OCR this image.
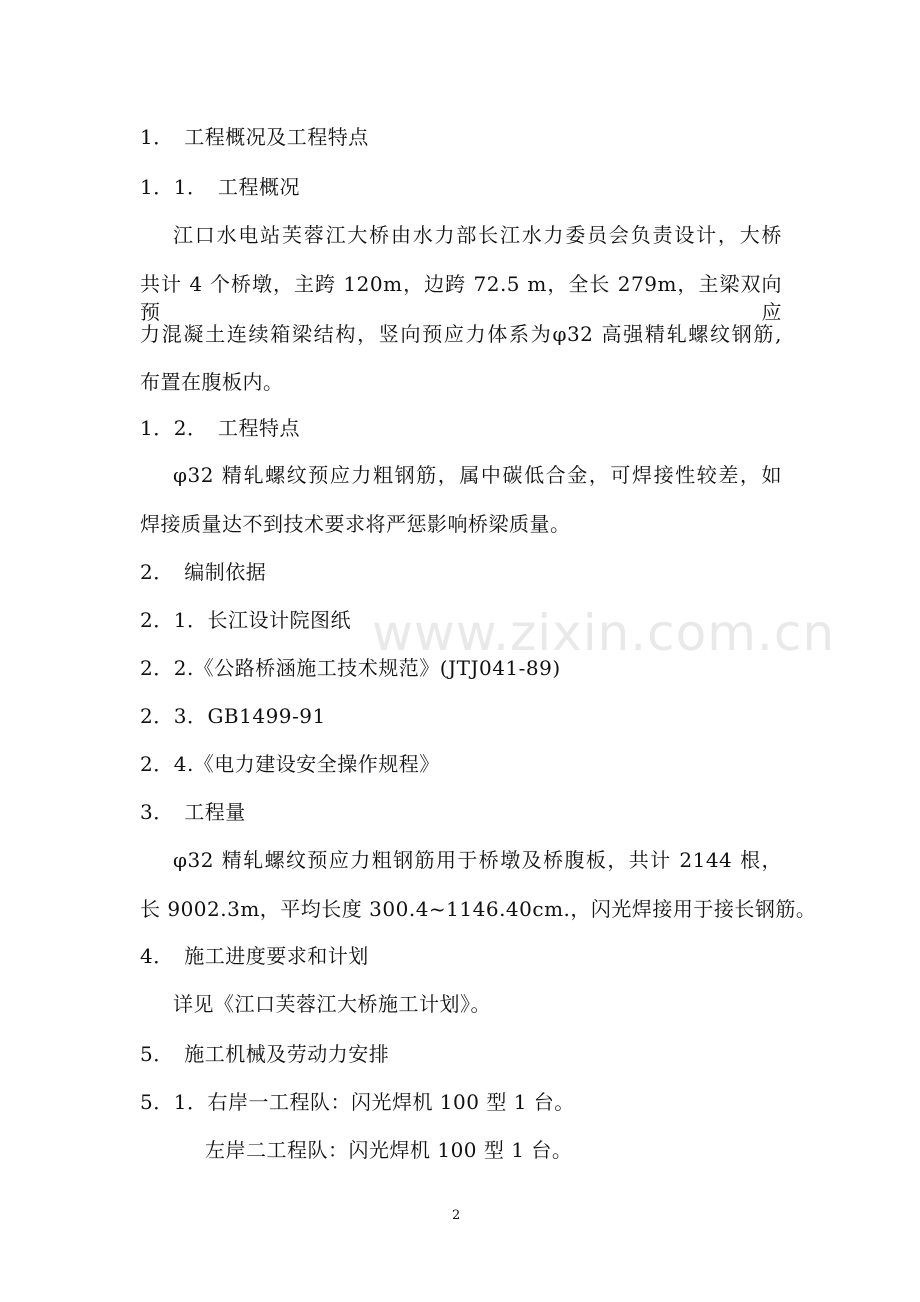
1．　工程概况及工程特点
1．1．　工程概况
江口水电站芙蓉江大桥由水力部长江水力委员会负责设计，大桥
共计 4 个桥墩，主跨 120m，边跨 72.5 m，全长 279m，主梁双向预应
力混凝土连续箱梁结构，竖向预应力体系为φ32 高强精轧螺纹钢筋,
布置在腹板内。
1．2．　工程特点
φ32 精轧螺纹预应力粗钢筋，属中碳低合金，可焊接性较差，如
焊接质量达不到技术要求将严惩影响桥梁质量。
2．　编制依据
2．1．长江设计院图纸
2．2.《公路桥涵施工技术规范》(JTJ041-89)
2．3．GB1499-91
2．4.《电力建设安全操作规程》
3．　工程量
φ32 精轧螺纹预应力粗钢筋用于桥墩及桥腹板，共计 2144 根，
长 9002.3m，平均长度 300.4~1146.40cm.，闪光焊接用于接长钢筋。
4．　施工进度要求和计划
详见《江口芙蓉江大桥施工计划》。
5．　施工机械及劳动力安排
5．1．右岸一工程队：闪光焊机 100 型 1 台。
左岸二工程队：闪光焊机 100 型 1 台。
www.zixin.com.cn
2
